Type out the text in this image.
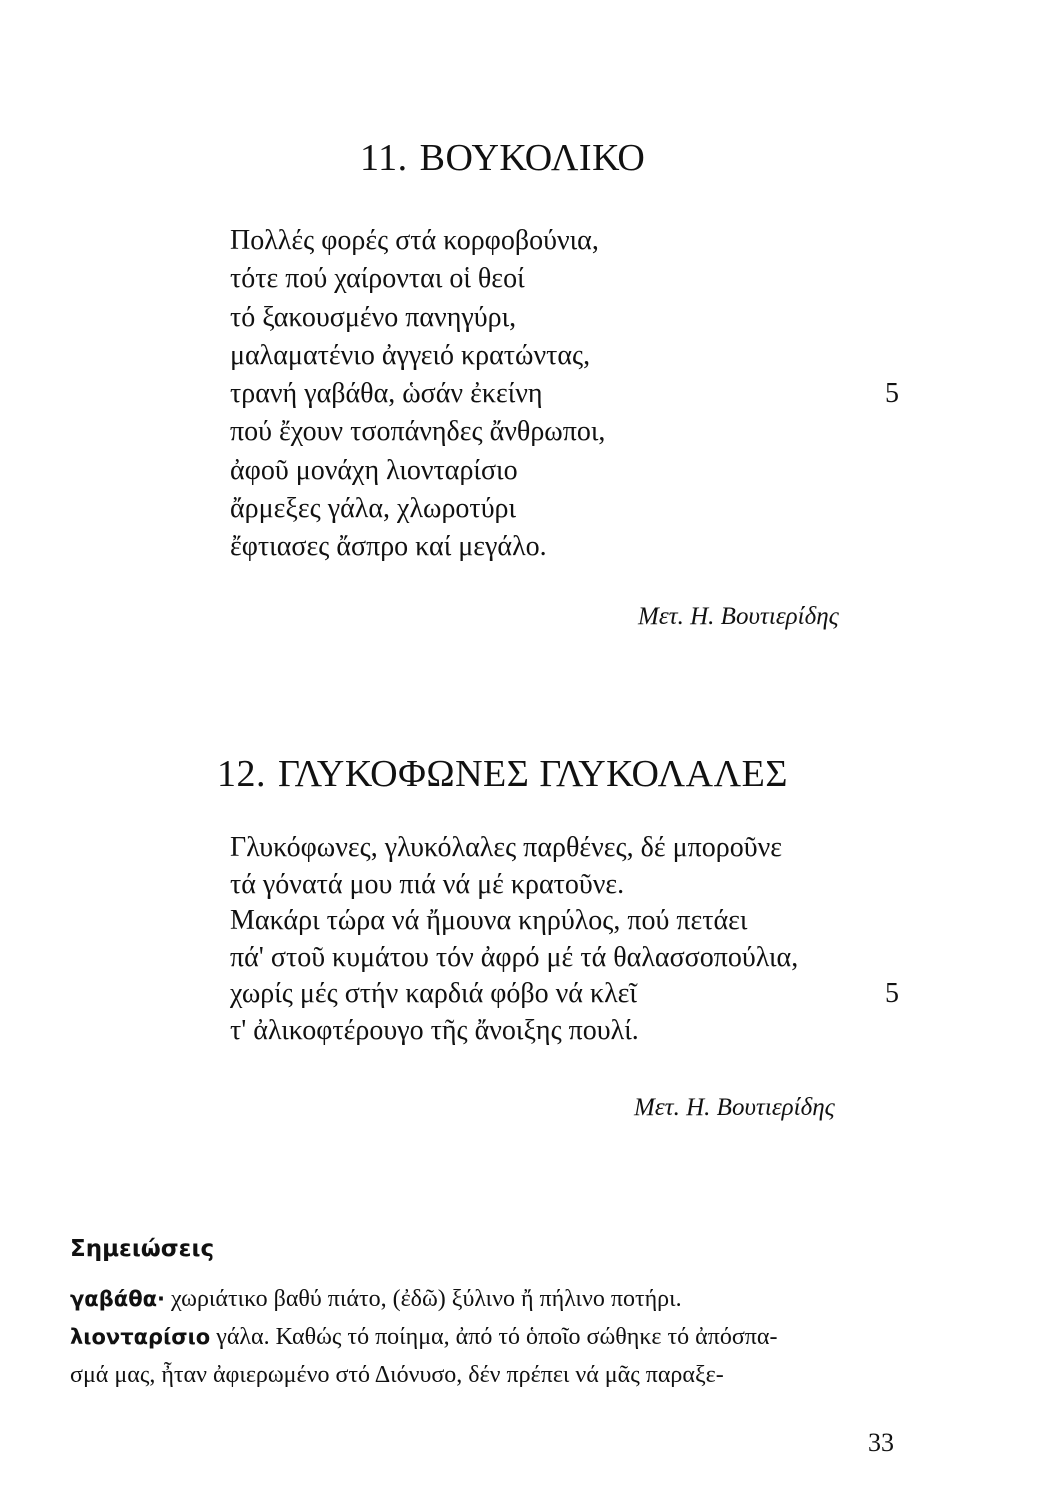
11. ΒΟΥΚΟΛΙΚΟ
Πολλές φορές στά κορφοβούνια,
τότε πού χαίρονται οἱ θεοί
τό ξακουσμένο πανηγύρι,
μαλαματένιο ἀγγειό κρατώντας,
τρανή γαβάθα, ὡσάν ἐκείνη	5
πού ἔχουν τσοπάνηδες ἄνθρωποι,
ἀφοῦ μονάχη λιονταρίσιο
ἄρμεξες γάλα, χλωροτύρι
ἔφτιασες ἄσπρο καί μεγάλο.
Μετ. Η. Βουτιερίδης
12. ΓΛΥΚΟΦΩΝΕΣ ΓΛΥΚΟΛΑΛΕΣ
Γλυκόφωνες, γλυκόλαλες παρθένες, δέ μποροῦνε
τά γόνατά μου πιά νά μέ κρατοῦνε.
Μακάρι τώρα νά ἤμουνα κηρύλος, πού πετάει
πά' στοῦ κυμάτου τόν ἀφρό μέ τά θαλασσοπούλια,
χωρίς μές στήν καρδιά φόβο νά κλεῖ	5
τ' ἀλικοφτέρουγο τῆς ἄνοιξης πουλί.
Μετ. Η. Βουτιερίδης
Σημειώσεις
γαβάθα· χωριάτικο βαθύ πιάτο, (ἐδῶ) ξύλινο ἤ πήλινο ποτήρι.
λιονταρίσιο γάλα. Καθώς τό ποίημα, ἀπό τό ὁποῖο σώθηκε τό ἀπόσπα-
σμά μας, ἦταν ἀφιερωμένο στό Διόνυσο, δέν πρέπει νά μᾶς παραξε-
33
